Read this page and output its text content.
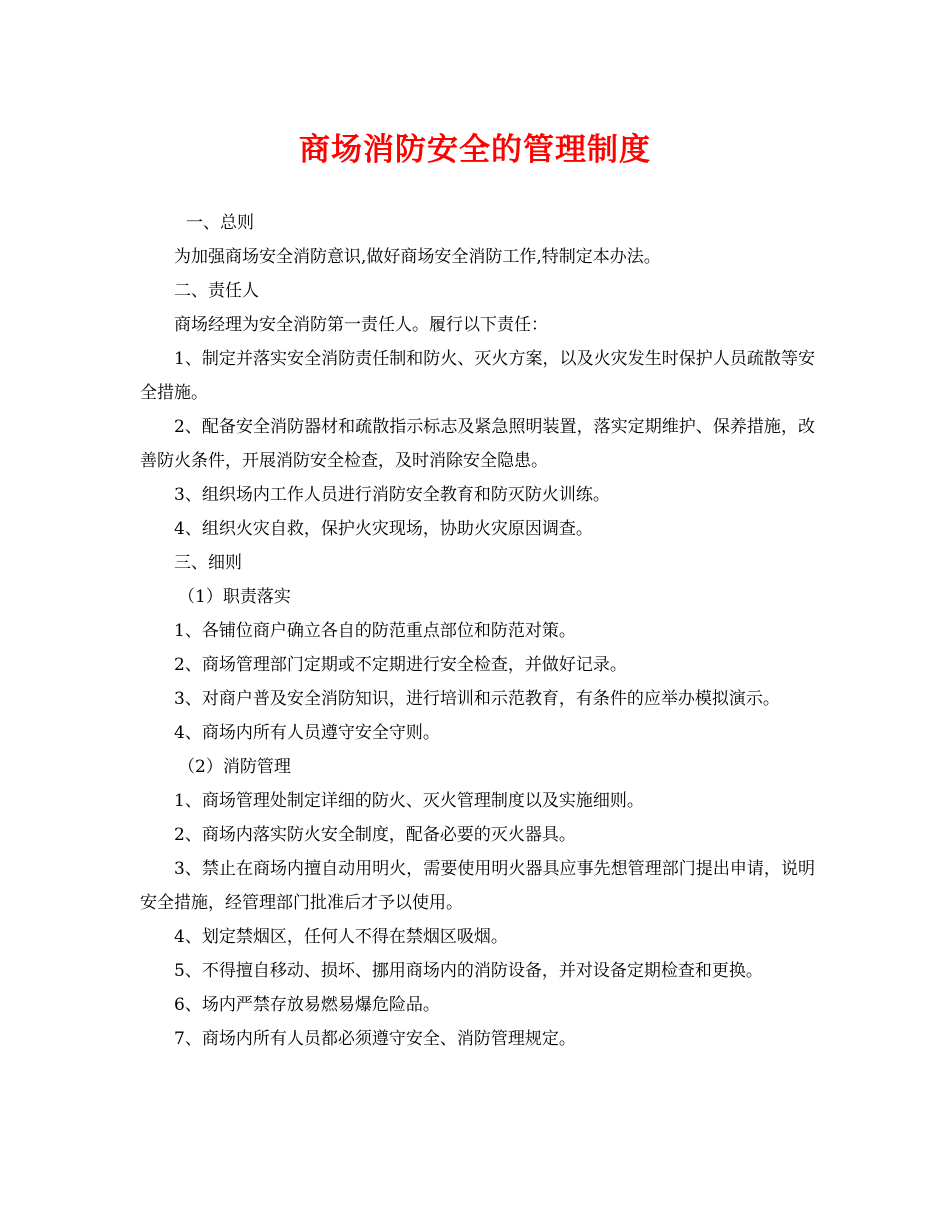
商场消防安全的管理制度

一、总则

为加强商场安全消防意识,做好商场安全消防工作,特制定本办法。

二、责任人

商场经理为安全消防第一责任人。履行以下责任：

1、制定并落实安全消防责任制和防火、灭火方案，以及火灾发生时保护人员疏散等安全措施。

2、配备安全消防器材和疏散指示标志及紧急照明装置，落实定期维护、保养措施，改善防火条件，开展消防安全检查，及时消除安全隐患。

3、组织场内工作人员进行消防安全教育和防灭防火训练。

4、组织火灾自救，保护火灾现场，协助火灾原因调查。

三、细则

（1）职责落实

1、各铺位商户确立各自的防范重点部位和防范对策。

2、商场管理部门定期或不定期进行安全检查，并做好记录。

3、对商户普及安全消防知识，进行培训和示范教育，有条件的应举办模拟演示。

4、商场内所有人员遵守安全守则。

（2）消防管理

1、商场管理处制定详细的防火、灭火管理制度以及实施细则。

2、商场内落实防火安全制度，配备必要的灭火器具。

3、禁止在商场内擅自动用明火，需要使用明火器具应事先想管理部门提出申请，说明安全措施，经管理部门批准后才予以使用。

4、划定禁烟区，任何人不得在禁烟区吸烟。

5、不得擅自移动、损坏、挪用商场内的消防设备，并对设备定期检查和更换。

6、场内严禁存放易燃易爆危险品。

7、商场内所有人员都必须遵守安全、消防管理规定。
